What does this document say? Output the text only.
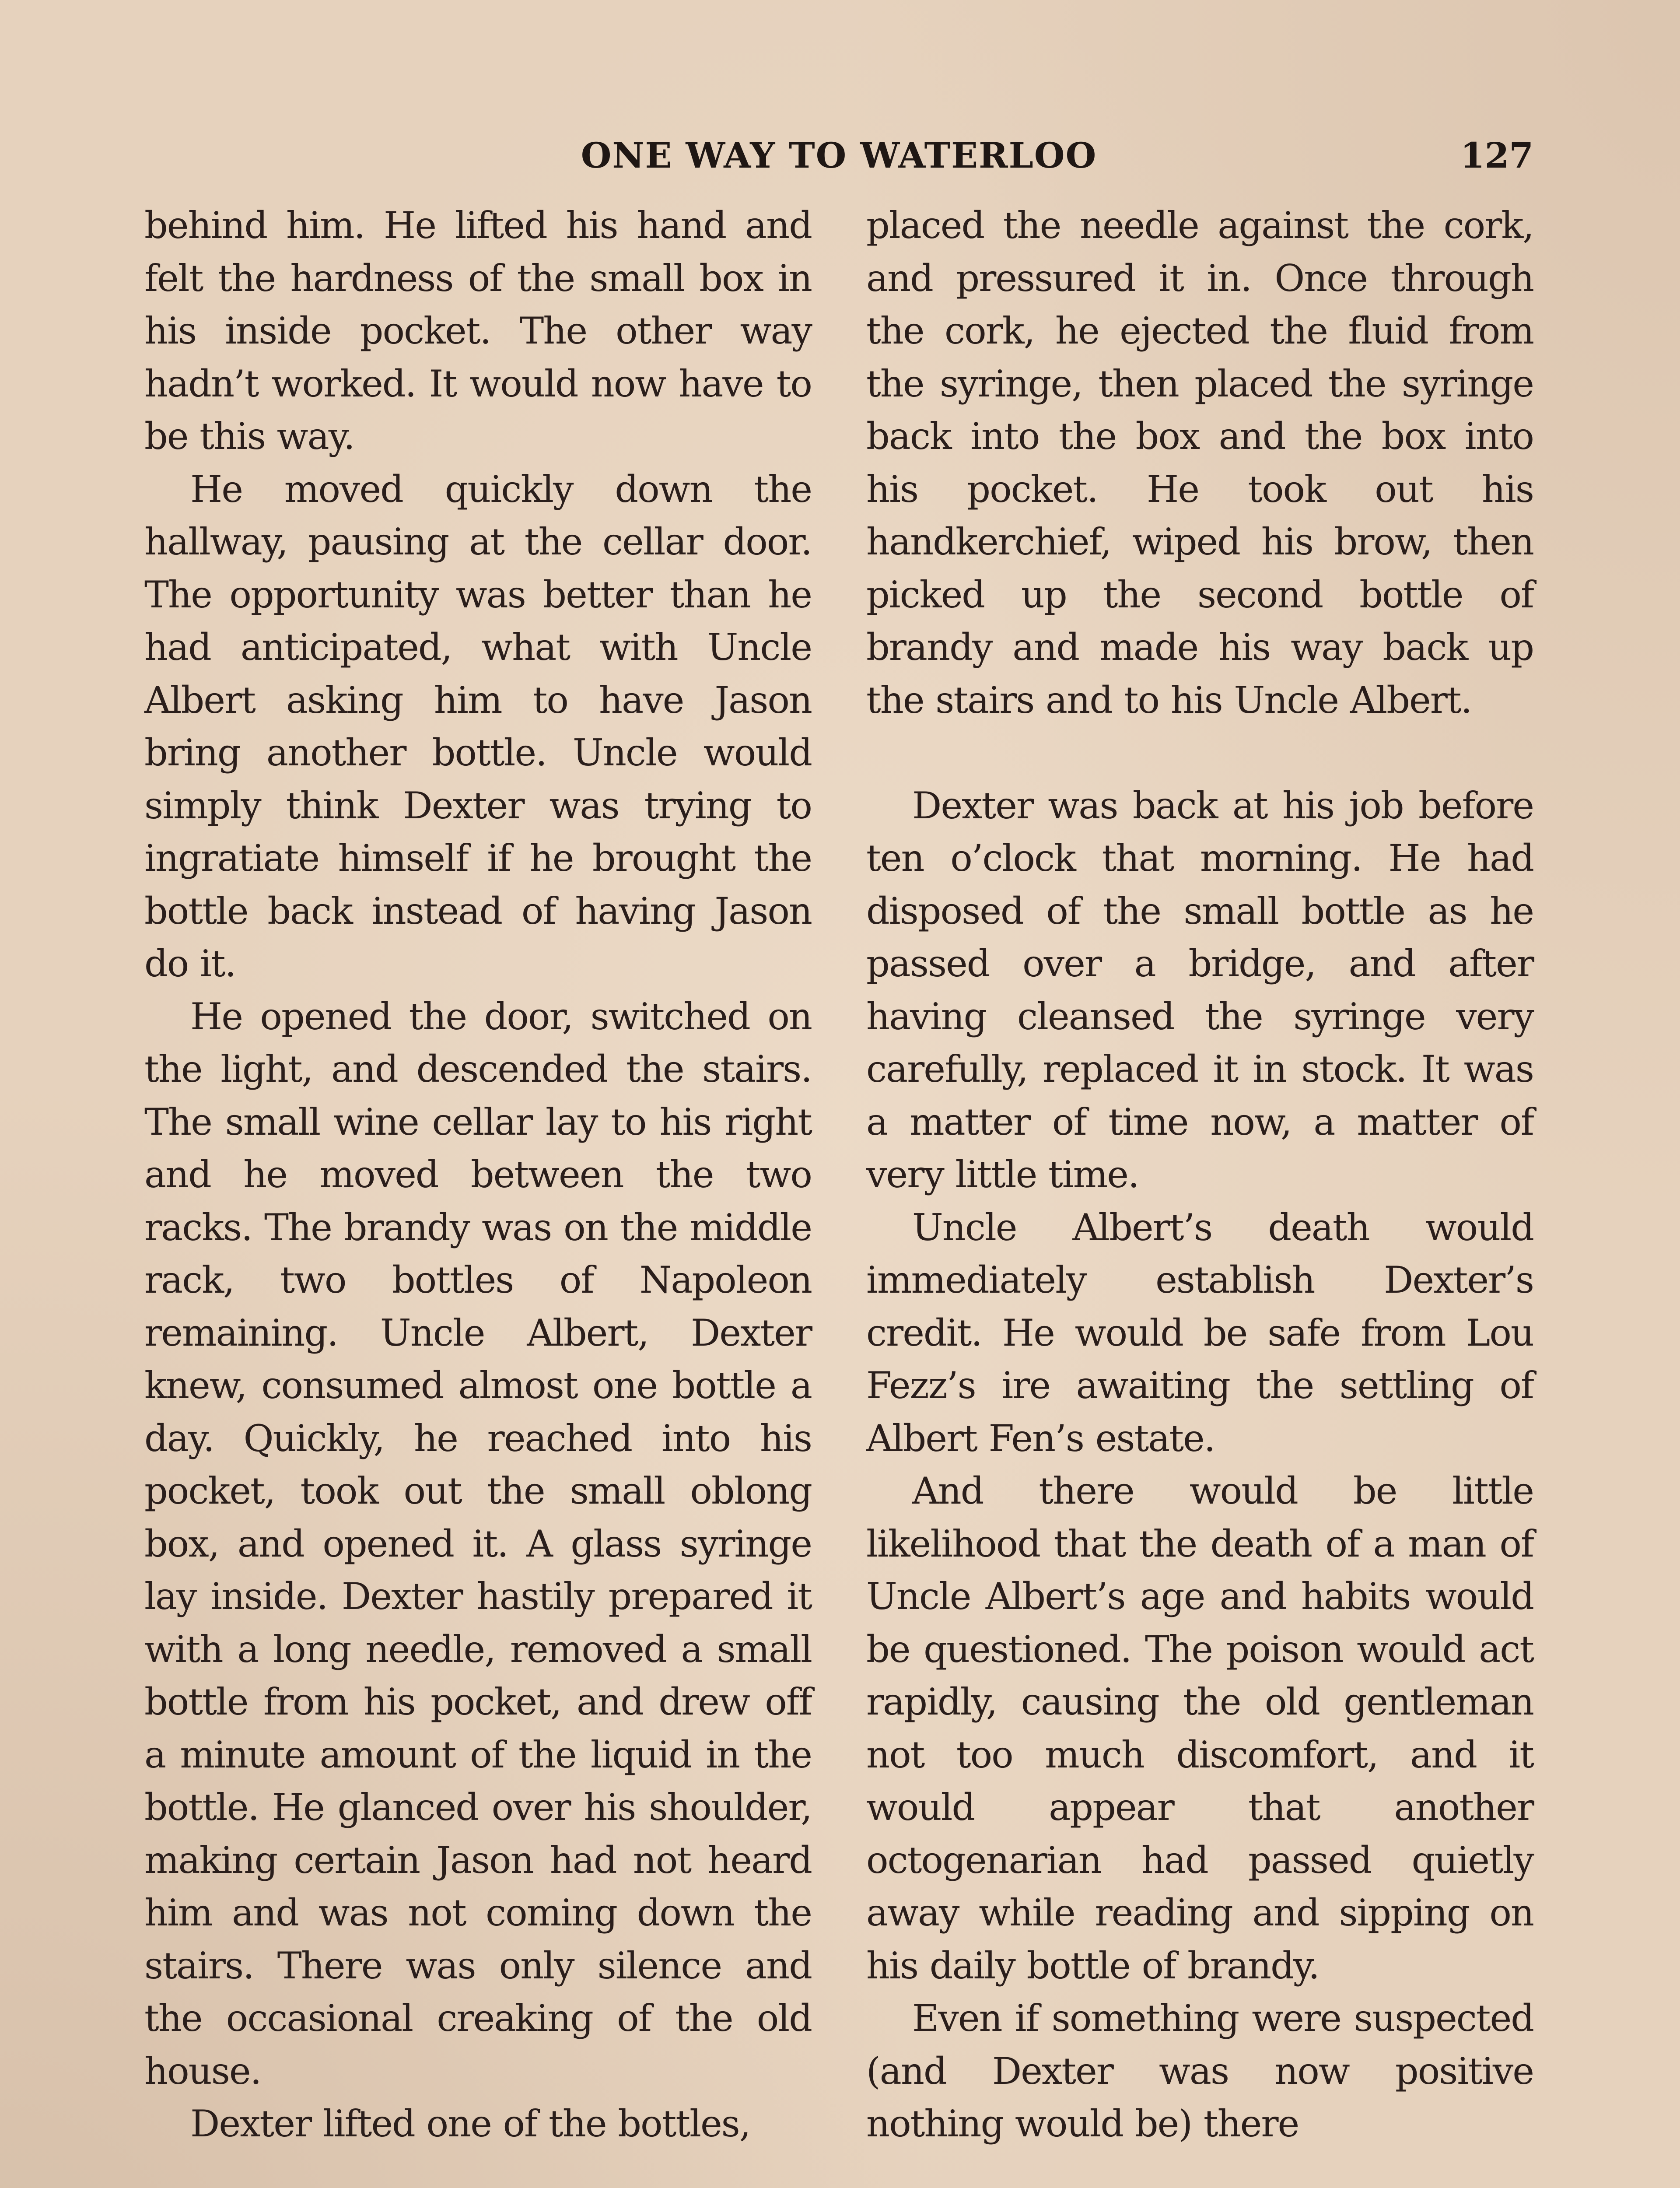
ONE WAY TO WATERLOO	127

behind him. He lifted his hand and felt the hardness of the small box in his inside pocket. The other way hadn’t worked. It would now have to be this way.

He moved quickly down the hallway, pausing at the cellar door. The opportunity was better than he had anticipated, what with Uncle Albert asking him to have Jason bring another bottle. Uncle would simply think Dexter was trying to ingratiate himself if he brought the bottle back instead of having Jason do it.

He opened the door, switched on the light, and descended the stairs. The small wine cellar lay to his right and he moved between the two racks. The brandy was on the middle rack, two bottles of Napoleon remaining. Uncle Albert, Dexter knew, consumed almost one bottle a day. Quickly, he reached into his pocket, took out the small oblong box, and opened it. A glass syringe lay inside. Dexter hastily prepared it with a long needle, removed a small bottle from his pocket, and drew off a minute amount of the liquid in the bottle. He glanced over his shoulder, making certain Jason had not heard him and was not coming down the stairs. There was only silence and the occasional creaking of the old house.

Dexter lifted one of the bottles,

placed the needle against the cork, and pressured it in. Once through the cork, he ejected the fluid from the syringe, then placed the syringe back into the box and the box into his pocket. He took out his handkerchief, wiped his brow, then picked up the second bottle of brandy and made his way back up the stairs and to his Uncle Albert.

Dexter was back at his job before ten o’clock that morning. He had disposed of the small bottle as he passed over a bridge, and after having cleansed the syringe very carefully, replaced it in stock. It was a matter of time now, a matter of very little time.

Uncle Albert’s death would immediately establish Dexter’s credit. He would be safe from Lou Fezz’s ire awaiting the settling of Albert Fen’s estate.

And there would be little likelihood that the death of a man of Uncle Albert’s age and habits would be questioned. The poison would act rapidly, causing the old gentleman not too much discomfort, and it would appear that another octogenarian had passed quietly away while reading and sipping on his daily bottle of brandy.

Even if something were suspected (and Dexter was now positive nothing would be) there
